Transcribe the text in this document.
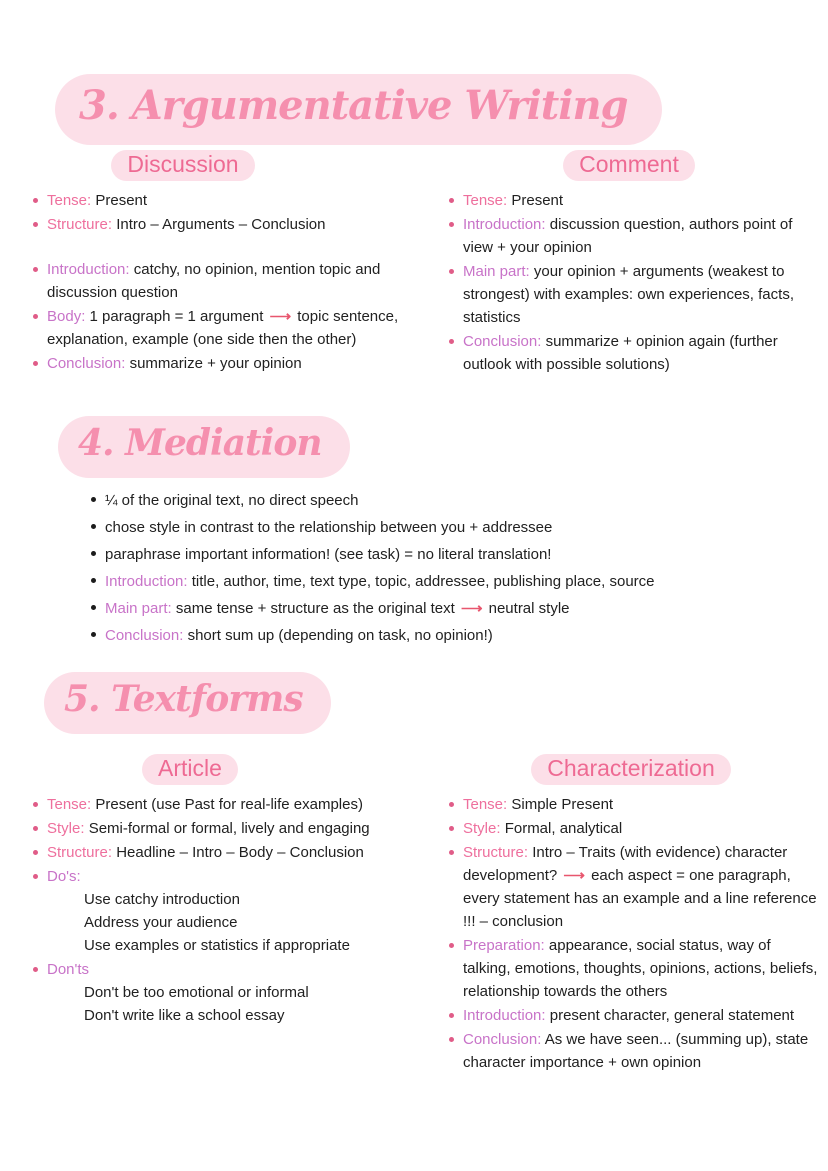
3. Argumentative Writing
Discussion
Tense: Present
Structure: Intro – Arguments – Conclusion
Introduction: catchy, no opinion, mention topic and discussion question
Body: 1 paragraph = 1 argument ⟶ topic sentence, explanation, example (one side then the other)
Conclusion: summarize + your opinion
Comment
Tense: Present
Introduction: discussion question, authors point of view + your opinion
Main part: your opinion + arguments (weakest to strongest) with examples: own experiences, facts, statistics
Conclusion: summarize + opinion again (further outlook with possible solutions)
4. Mediation
¼ of the original text, no direct speech
chose style in contrast to the relationship between you + addressee
paraphrase important information! (see task) = no literal translation!
Introduction: title, author, time, text type, topic, addressee, publishing place, source
Main part: same tense + structure as the original text ⟶ neutral style
Conclusion: short sum up (depending on task, no opinion!)
5. Textforms
Article
Tense: Present (use Past for real-life examples)
Style: Semi-formal or formal, lively and engaging
Structure: Headline – Intro – Body – Conclusion
Do's:
Use catchy introduction
Address your audience
Use examples or statistics if appropriate
Don'ts
Don't be too emotional or informal
Don't write like a school essay
Characterization
Tense: Simple Present
Style: Formal, analytical
Structure: Intro – Traits (with evidence) character development? ⟶ each aspect = one paragraph, every statement has an example and a line reference !!! – conclusion
Preparation: appearance, social status, way of talking, emotions, thoughts, opinions, actions, beliefs, relationship towards the others
Introduction: present character, general statement
Conclusion: As we have seen... (summing up), state character importance + own opinion
